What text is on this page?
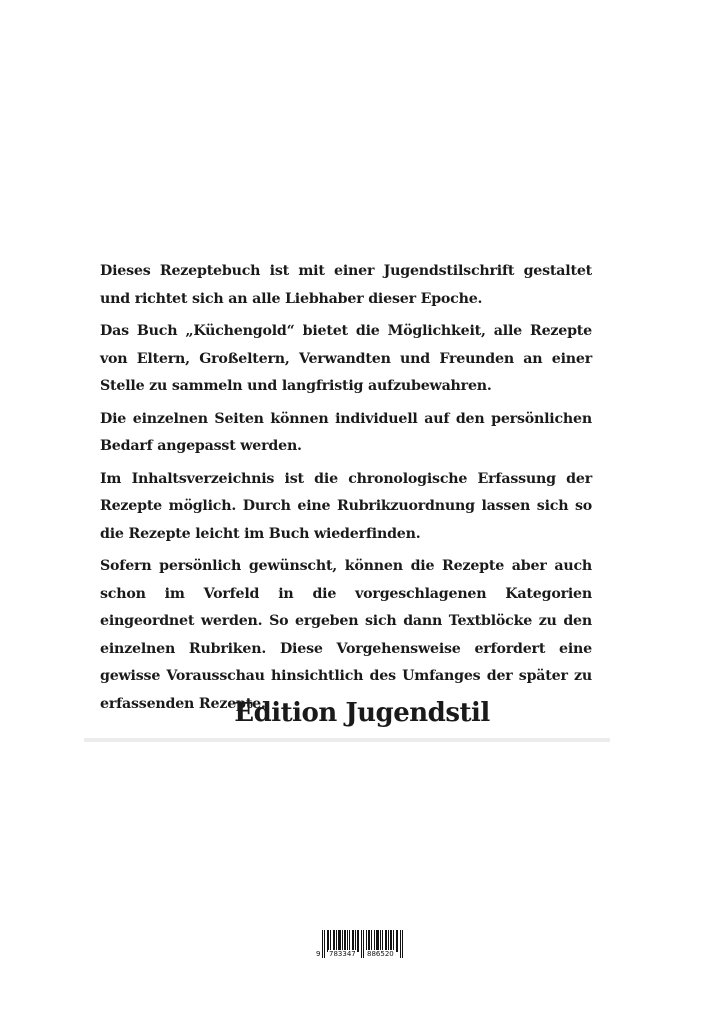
Dieses Rezeptebuch ist mit einer Jugendstilschrift gestaltet und richtet sich an alle Liebhaber dieser Epoche.

Das Buch „Küchengold“ bietet die Möglichkeit, alle Rezepte von Eltern, Großeltern, Verwandten und Freunden an einer Stelle zu sammeln und langfristig aufzubewahren.

Die einzelnen Seiten können individuell auf den persönlichen Bedarf angepasst werden.

Im Inhaltsverzeichnis ist die chronologische Erfassung der Rezepte möglich. Durch eine Rubrikzuordnung lassen sich so die Rezepte leicht im Buch wiederfinden.

Sofern persönlich gewünscht, können die Rezepte aber auch schon im Vorfeld in die vorgeschlagenen Kategorien eingeordnet werden. So ergeben sich dann Textblöcke zu den einzelnen Rubriken. Diese Vorgehensweise erfordert eine gewisse Vorausschau hinsichtlich des Umfanges der später zu erfassenden Rezepte.

Edition Jugendstil
9 783347 886520
